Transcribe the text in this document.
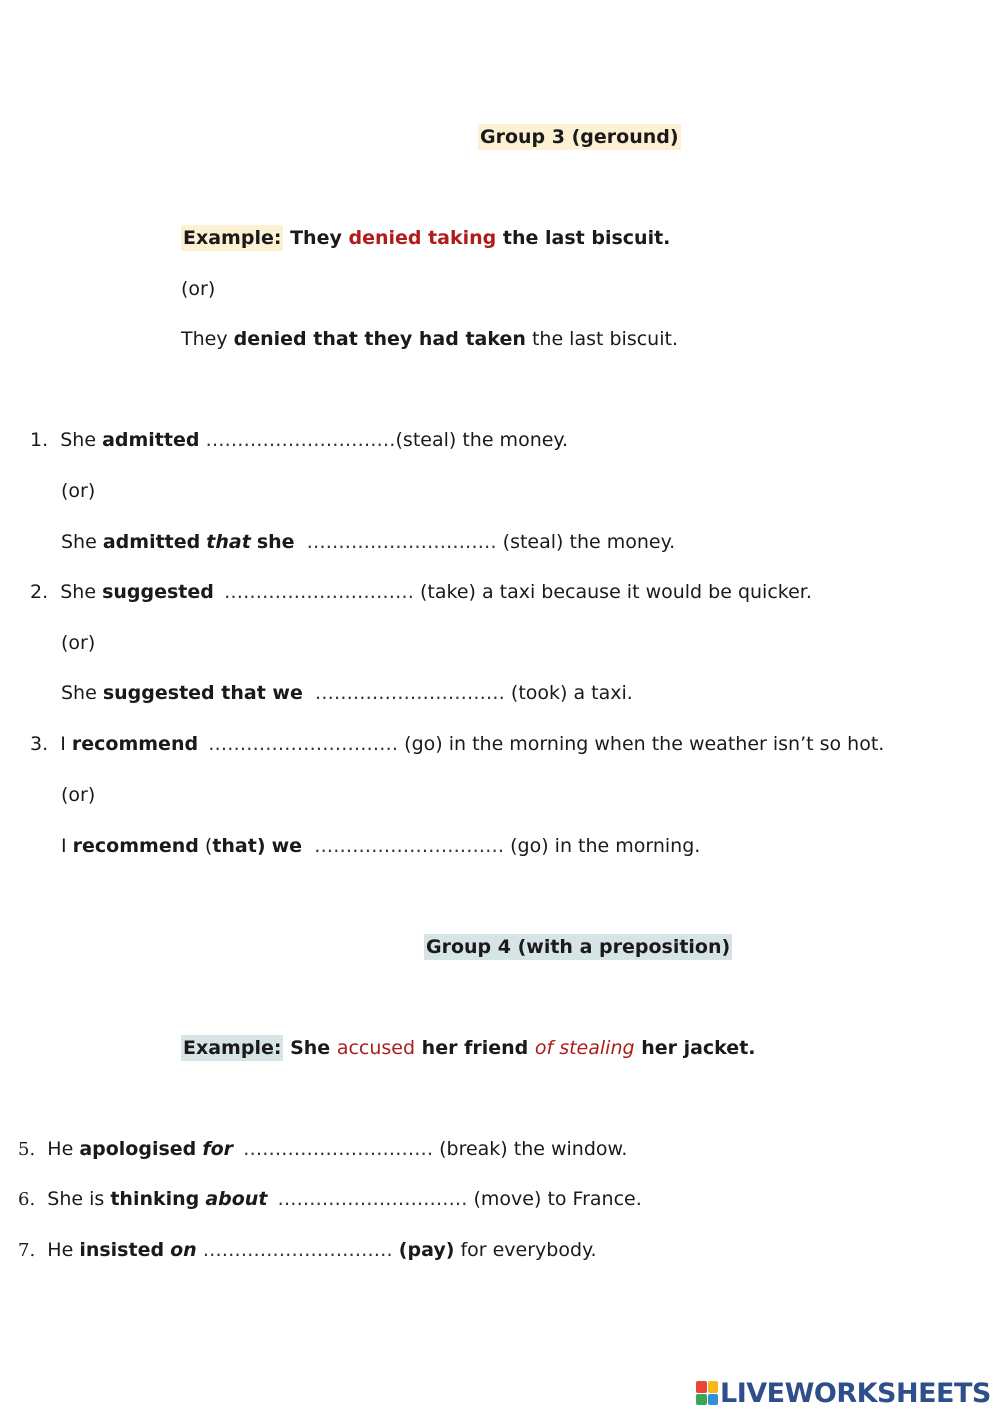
Group 3 (geround)
Example: They denied taking the last biscuit.
(or)
They denied that they had taken the last biscuit.
1. She admitted …………………………(steal) the money.
(or)
She admitted that she ………………………… (steal) the money.
2. She suggested ………………………… (take) a taxi because it would be quicker.
(or)
She suggested that we ………………………… (took) a taxi.
3. I recommend ………………………… (go) in the morning when the weather isn’t so hot.
(or)
I recommend (that) we ………………………… (go) in the morning.
Group 4 (with a preposition)
Example: She accused her friend of stealing her jacket.
5. He apologised for ………………………… (break) the window.
6. She is thinking about ………………………… (move) to France.
7. He insisted on ………………………… (pay) for everybody.
LIVEWORKSHEETS
